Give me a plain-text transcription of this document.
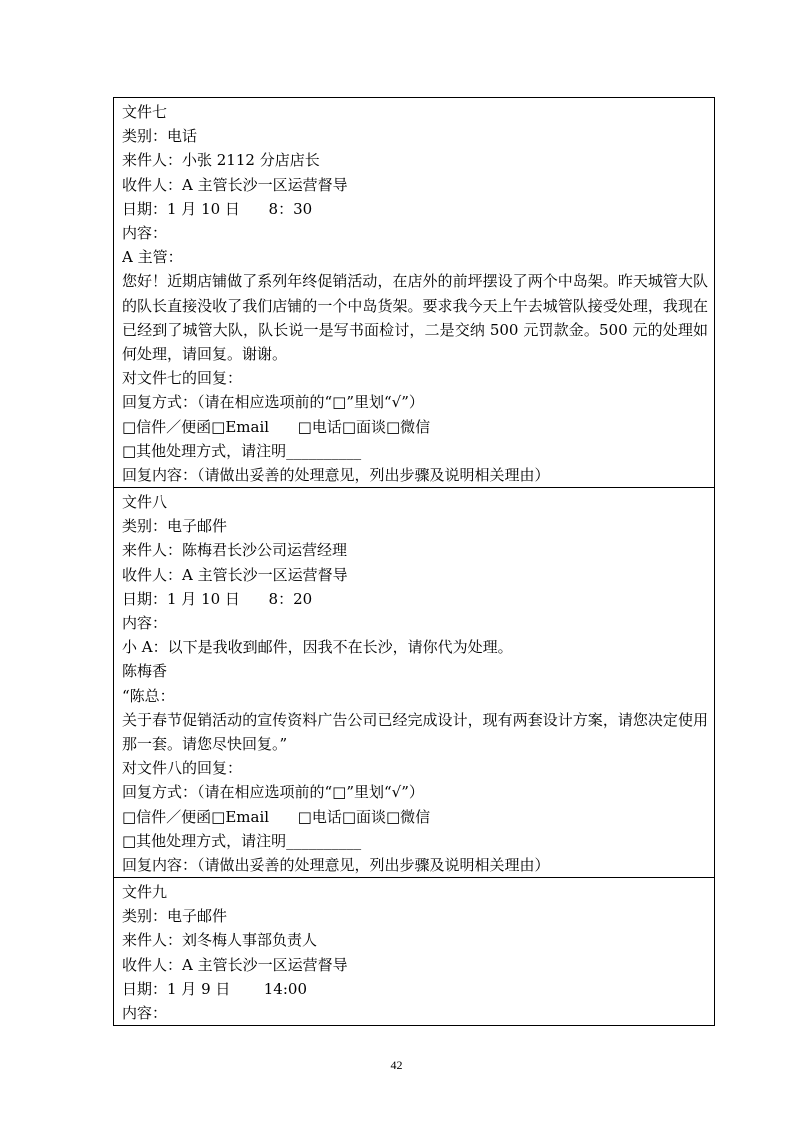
文件七
类别：电话
来件人：小张 2112 分店店长
收件人：A 主管长沙一区运营督导
日期：1 月 10 日      8：30
内容：
A 主管：
您好！近期店铺做了系列年终促销活动，在店外的前坪摆设了两个中岛架。昨天城管大队的队长直接没收了我们店铺的一个中岛货架。要求我今天上午去城管队接受处理，我现在已经到了城管大队，队长说一是写书面检讨，二是交纳 500 元罚款金。500 元的处理如何处理，请回复。谢谢。
对文件七的回复：
回复方式：（请在相应选项前的“□”里划“√”）
□信件／便函□Email      □电话□面谈□微信
□其他处理方式，请注明__________
回复内容：（请做出妥善的处理意见，列出步骤及说明相关理由）
文件八
类别：电子邮件
来件人：陈梅君长沙公司运营经理
收件人：A 主管长沙一区运营督导
日期：1 月 10 日      8：20
内容：
小 A：以下是我收到邮件，因我不在长沙，请你代为处理。
陈梅香
“陈总：
关于春节促销活动的宣传资料广告公司已经完成设计，现有两套设计方案，请您决定使用那一套。请您尽快回复。”
对文件八的回复：
回复方式：（请在相应选项前的“□”里划“√”）
□信件／便函□Email      □电话□面谈□微信
□其他处理方式，请注明__________
回复内容：（请做出妥善的处理意见，列出步骤及说明相关理由）
文件九
类别：电子邮件
来件人：刘冬梅人事部负责人
收件人：A 主管长沙一区运营督导
日期：1 月 9 日       14:00
内容：
42
